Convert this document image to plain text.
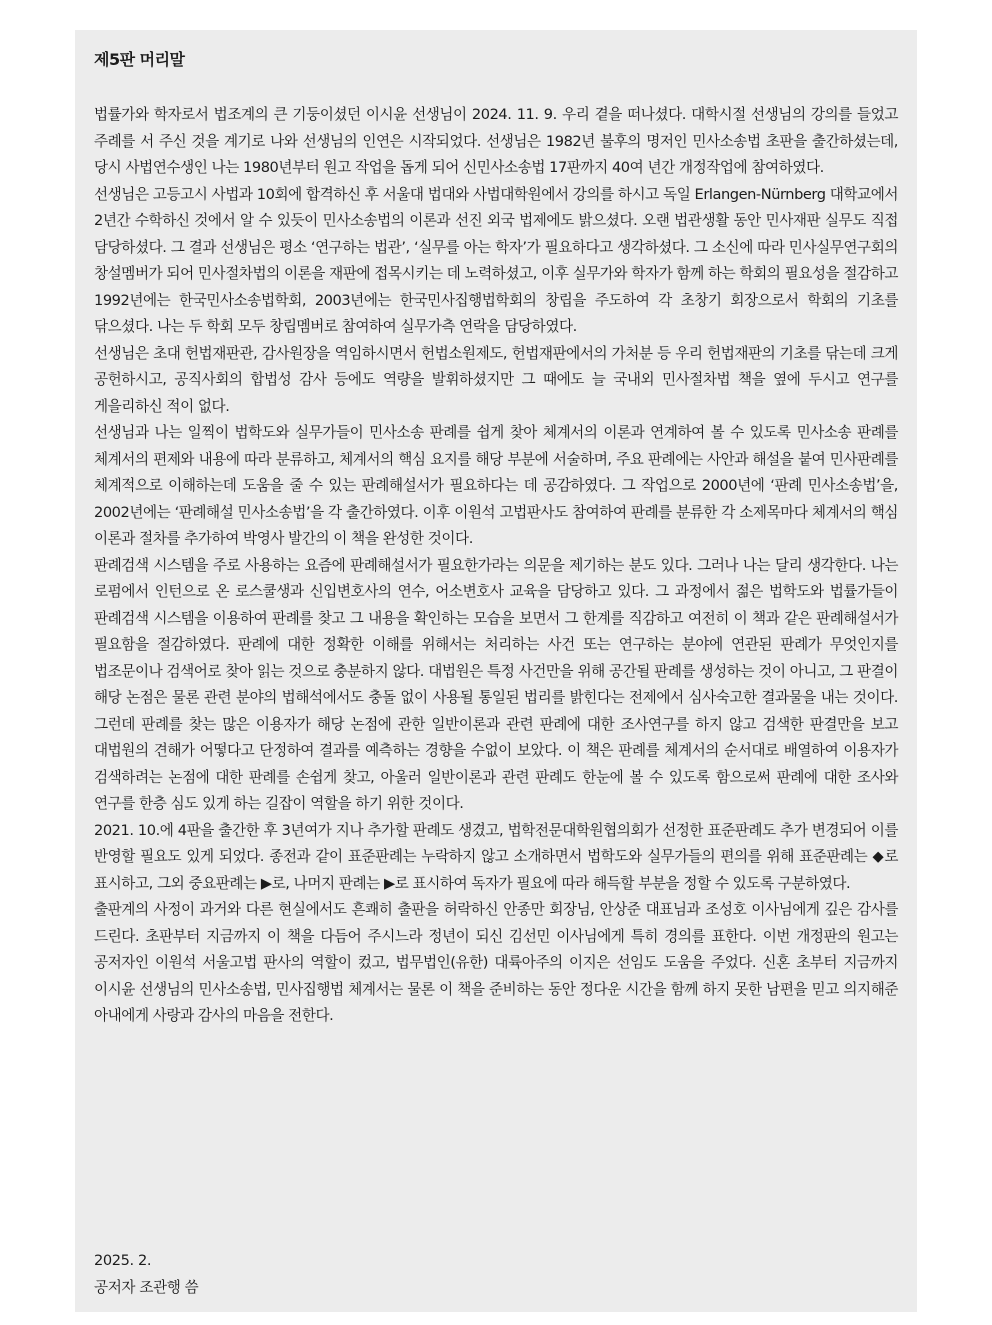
제5판 머리말

법률가와 학자로서 법조계의 큰 기둥이셨던 이시윤 선생님이 2024. 11. 9. 우리 곁을 떠나셨다. 대학시절 선생님의 강의를 들었고 주례를 서 주신 것을 계기로 나와 선생님의 인연은 시작되었다. 선생님은 1982년 불후의 명저인 민사소송법 초판을 출간하셨는데, 당시 사법연수생인 나는 1980년부터 원고 작업을 돕게 되어 신민사소송법 17판까지 40여 년간 개정작업에 참여하였다.

선생님은 고등고시 사법과 10회에 합격하신 후 서울대 법대와 사법대학원에서 강의를 하시고 독일 Erlangen-Nürnberg 대학교에서 2년간 수학하신 것에서 알 수 있듯이 민사소송법의 이론과 선진 외국 법제에도 밝으셨다. 오랜 법관생활 동안 민사재판 실무도 직접 담당하셨다. 그 결과 선생님은 평소 ‘연구하는 법관’, ‘실무를 아는 학자’가 필요하다고 생각하셨다. 그 소신에 따라 민사실무연구회의 창설멤버가 되어 민사절차법의 이론을 재판에 접목시키는 데 노력하셨고, 이후 실무가와 학자가 함께 하는 학회의 필요성을 절감하고 1992년에는 한국민사소송법학회, 2003년에는 한국민사집행법학회의 창립을 주도하여 각 초창기 회장으로서 학회의 기초를 닦으셨다. 나는 두 학회 모두 창립멤버로 참여하여 실무가측 연락을 담당하였다.

선생님은 초대 헌법재판관, 감사원장을 역임하시면서 헌법소원제도, 헌법재판에서의 가처분 등 우리 헌법재판의 기초를 닦는데 크게 공헌하시고, 공직사회의 합법성 감사 등에도 역량을 발휘하셨지만 그 때에도 늘 국내외 민사절차법 책을 옆에 두시고 연구를 게을리하신 적이 없다.

선생님과 나는 일찍이 법학도와 실무가들이 민사소송 판례를 쉽게 찾아 체계서의 이론과 연계하여 볼 수 있도록 민사소송 판례를 체계서의 편제와 내용에 따라 분류하고, 체계서의 핵심 요지를 해당 부분에 서술하며, 주요 판례에는 사안과 해설을 붙여 민사판례를 체계적으로 이해하는데 도움을 줄 수 있는 판례해설서가 필요하다는 데 공감하였다. 그 작업으로 2000년에 ‘판례 민사소송법’을, 2002년에는 ‘판례해설 민사소송법’을 각 출간하였다. 이후 이원석 고법판사도 참여하여 판례를 분류한 각 소제목마다 체계서의 핵심 이론과 절차를 추가하여 박영사 발간의 이 책을 완성한 것이다.

판례검색 시스템을 주로 사용하는 요즘에 판례해설서가 필요한가라는 의문을 제기하는 분도 있다. 그러나 나는 달리 생각한다. 나는 로펌에서 인턴으로 온 로스쿨생과 신입변호사의 연수, 어소변호사 교육을 담당하고 있다. 그 과정에서 젊은 법학도와 법률가들이 판례검색 시스템을 이용하여 판례를 찾고 그 내용을 확인하는 모습을 보면서 그 한계를 직감하고 여전히 이 책과 같은 판례해설서가 필요함을 절감하였다. 판례에 대한 정확한 이해를 위해서는 처리하는 사건 또는 연구하는 분야에 연관된 판례가 무엇인지를 법조문이나 검색어로 찾아 읽는 것으로 충분하지 않다. 대법원은 특정 사건만을 위해 공간될 판례를 생성하는 것이 아니고, 그 판결이 해당 논점은 물론 관련 분야의 법해석에서도 충돌 없이 사용될 통일된 법리를 밝힌다는 전제에서 심사숙고한 결과물을 내는 것이다. 그런데 판례를 찾는 많은 이용자가 해당 논점에 관한 일반이론과 관련 판례에 대한 조사연구를 하지 않고 검색한 판결만을 보고 대법원의 견해가 어떻다고 단정하여 결과를 예측하는 경향을 수없이 보았다. 이 책은 판례를 체계서의 순서대로 배열하여 이용자가 검색하려는 논점에 대한 판례를 손쉽게 찾고, 아울러 일반이론과 관련 판례도 한눈에 볼 수 있도록 함으로써 판례에 대한 조사와 연구를 한층 심도 있게 하는 길잡이 역할을 하기 위한 것이다.

2021. 10.에 4판을 출간한 후 3년여가 지나 추가할 판례도 생겼고, 법학전문대학원협의회가 선정한 표준판례도 추가 변경되어 이를 반영할 필요도 있게 되었다. 종전과 같이 표준판례는 누락하지 않고 소개하면서 법학도와 실무가들의 편의를 위해 표준판례는 ◆로 표시하고, 그외 중요판례는 ▶로, 나머지 판례는 ▶로 표시하여 독자가 필요에 따라 해득할 부분을 정할 수 있도록 구분하였다.

출판계의 사정이 과거와 다른 현실에서도 흔쾌히 출판을 허락하신 안종만 회장님, 안상준 대표님과 조성호 이사님에게 깊은 감사를 드린다. 초판부터 지금까지 이 책을 다듬어 주시느라 정년이 되신 김선민 이사님에게 특히 경의를 표한다. 이번 개정판의 원고는 공저자인 이원석 서울고법 판사의 역할이 컸고, 법무법인(유한) 대륙아주의 이지은 선임도 도움을 주었다. 신혼 초부터 지금까지 이시윤 선생님의 민사소송법, 민사집행법 체계서는 물론 이 책을 준비하는 동안 정다운 시간을 함께 하지 못한 남편을 믿고 의지해준 아내에게 사랑과 감사의 마음을 전한다.

2025. 2.
공저자 조관행 씀
